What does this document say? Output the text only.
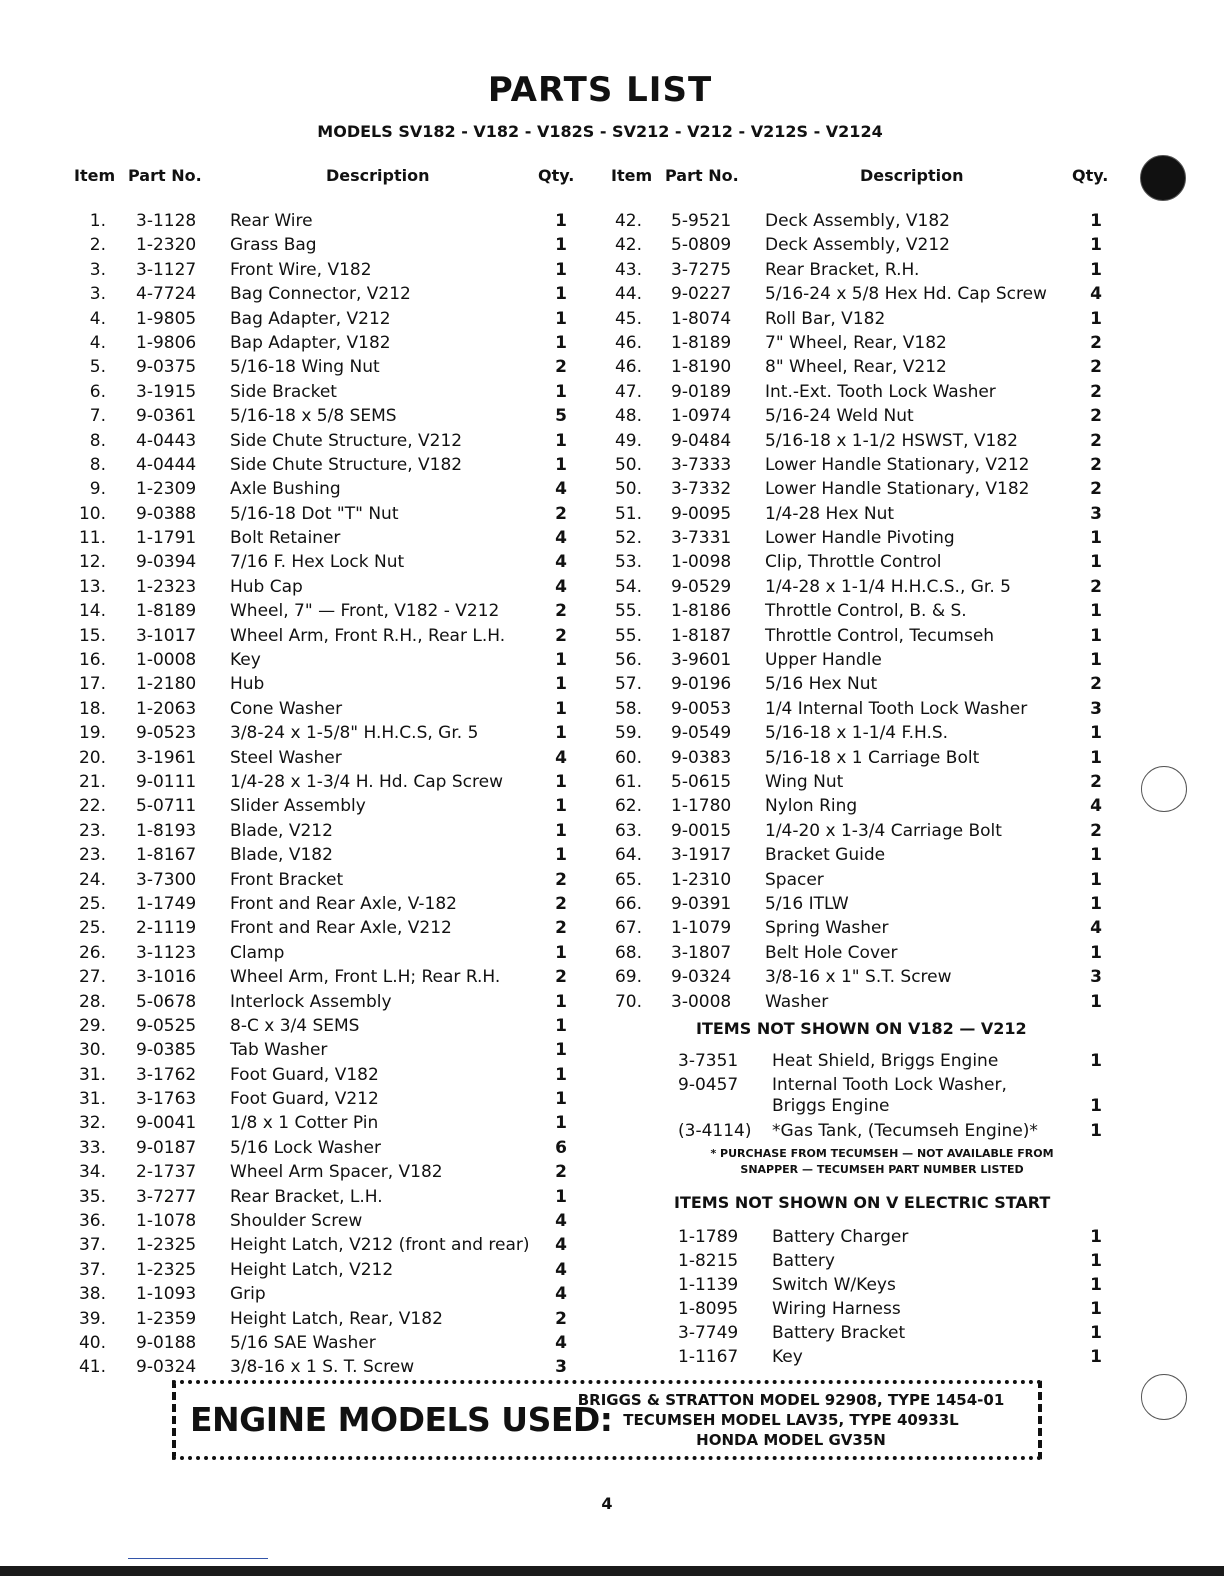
PARTS LIST
MODELS SV182 - V182 - V182S - SV212 - V212 - V212S - V2124
Item Part No.	Description	Qty. Item Part No.	Description	Qty.
1. 3-1128 Rear Wire	1
2. 1-2320 Grass Bag	1
3. 3-1127 Front Wire, V182	1
3. 4-7724 Bag Connector, V212	1
4. 1-9805 Bag Adapter, V212	1
4. 1-9806 Bap Adapter, V182	1
5. 9-0375 5/16-18 Wing Nut	2
6. 3-1915 Side Bracket	1
7. 9-0361 5/16-18 x 5/8 SEMS	5
8. 4-0443 Side Chute Structure, V212	1
8. 4-0444 Side Chute Structure, V182	1
9. 1-2309 Axle Bushing	4
10. 9-0388 5/16-18 Dot "T" Nut	2
11. 1-1791 Bolt Retainer	4
12. 9-0394 7/16 F. Hex Lock Nut	4
13. 1-2323 Hub Cap	4
14. 1-8189 Wheel, 7" — Front, V182 - V212	2
15. 3-1017 Wheel Arm, Front R.H., Rear L.H.	2
16. 1-0008 Key	1
17. 1-2180 Hub	1
18. 1-2063 Cone Washer	1
19. 9-0523 3/8-24 x 1-5/8" H.H.C.S, Gr. 5	1
20. 3-1961 Steel Washer	4
21. 9-0111 1/4-28 x 1-3/4 H. Hd. Cap Screw	1
22. 5-0711 Slider Assembly	1
23. 1-8193 Blade, V212	1
23. 1-8167 Blade, V182	1
24. 3-7300 Front Bracket	2
25. 1-1749 Front and Rear Axle, V-182	2
25. 2-1119 Front and Rear Axle, V212	2
26. 3-1123 Clamp	1
27. 3-1016 Wheel Arm, Front L.H; Rear R.H.	2
28. 5-0678 Interlock Assembly	1
29. 9-0525 8-C x 3/4 SEMS	1
30. 9-0385 Tab Washer	1
31. 3-1762 Foot Guard, V182	1
31. 3-1763 Foot Guard, V212	1
32. 9-0041 1/8 x 1 Cotter Pin	1
33. 9-0187 5/16 Lock Washer	6
34. 2-1737 Wheel Arm Spacer, V182	2
35. 3-7277 Rear Bracket, L.H.	1
36. 1-1078 Shoulder Screw	4
37. 1-2325 Height Latch, V212 (front and rear) 4
37. 1-2325 Height Latch, V212	4
38. 1-1093 Grip	4
39. 1-2359 Height Latch, Rear, V182	2
40. 9-0188 5/16 SAE Washer	4
41. 9-0324 3/8-16 x 1 S. T. Screw	3
42. 5-9521 Deck Assembly, V182	1
42. 5-0809 Deck Assembly, V212	1
43. 3-7275 Rear Bracket, R.H.	1
44. 9-0227 5/16-24 x 5/8 Hex Hd. Cap Screw	4
45. 1-8074 Roll Bar, V182	1
46. 1-8189 7" Wheel, Rear, V182	2
46. 1-8190 8" Wheel, Rear, V212	2
47. 9-0189 Int.-Ext. Tooth Lock Washer	2
48. 1-0974 5/16-24 Weld Nut	2
49. 9-0484 5/16-18 x 1-1/2 HSWST, V182	2
50. 3-7333 Lower Handle Stationary, V212	2
50. 3-7332 Lower Handle Stationary, V182	2
51. 9-0095 1/4-28 Hex Nut	3
52. 3-7331 Lower Handle Pivoting	1
53. 1-0098 Clip, Throttle Control	1
54. 9-0529 1/4-28 x 1-1/4 H.H.C.S., Gr. 5	2
55. 1-8186 Throttle Control, B. & S.	1
55. 1-8187 Throttle Control, Tecumseh	1
56. 3-9601 Upper Handle	1
57. 9-0196 5/16 Hex Nut	2
58. 9-0053 1/4 Internal Tooth Lock Washer	3
59. 9-0549 5/16-18 x 1-1/4 F.H.S.	1
60. 9-0383 5/16-18 x 1 Carriage Bolt	1
61. 5-0615 Wing Nut	2
62. 1-1780 Nylon Ring	4
63. 9-0015 1/4-20 x 1-3/4 Carriage Bolt	2
64. 3-1917 Bracket Guide	1
65. 1-2310 Spacer	1
66. 9-0391 5/16 ITLW	1
67. 1-1079 Spring Washer	4
68. 3-1807 Belt Hole Cover	1
69. 9-0324 3/8-16 x 1" S.T. Screw	3
70. 3-0008 Washer	1
ITEMS NOT SHOWN ON V182 — V212
3-7351 Heat Shield, Briggs Engine	1
9-0457 Internal Tooth Lock Washer,
Briggs Engine	1
(3-4114) *Gas Tank, (Tecumseh Engine)*	1
* PURCHASE FROM TECUMSEH — NOT AVAILABLE FROM
SNAPPER — TECUMSEH PART NUMBER LISTED
ITEMS NOT SHOWN ON V ELECTRIC START
1-1789 Battery Charger	1
1-8215 Battery	1
1-1139 Switch W/Keys	1
1-8095 Wiring Harness	1
3-7749 Battery Bracket	1
1-1167 Key	1
ENGINE MODELS USED:
BRIGGS & STRATTON MODEL 92908, TYPE 1454-01
TECUMSEH MODEL LAV35, TYPE 40933L
HONDA MODEL GV35N
4
